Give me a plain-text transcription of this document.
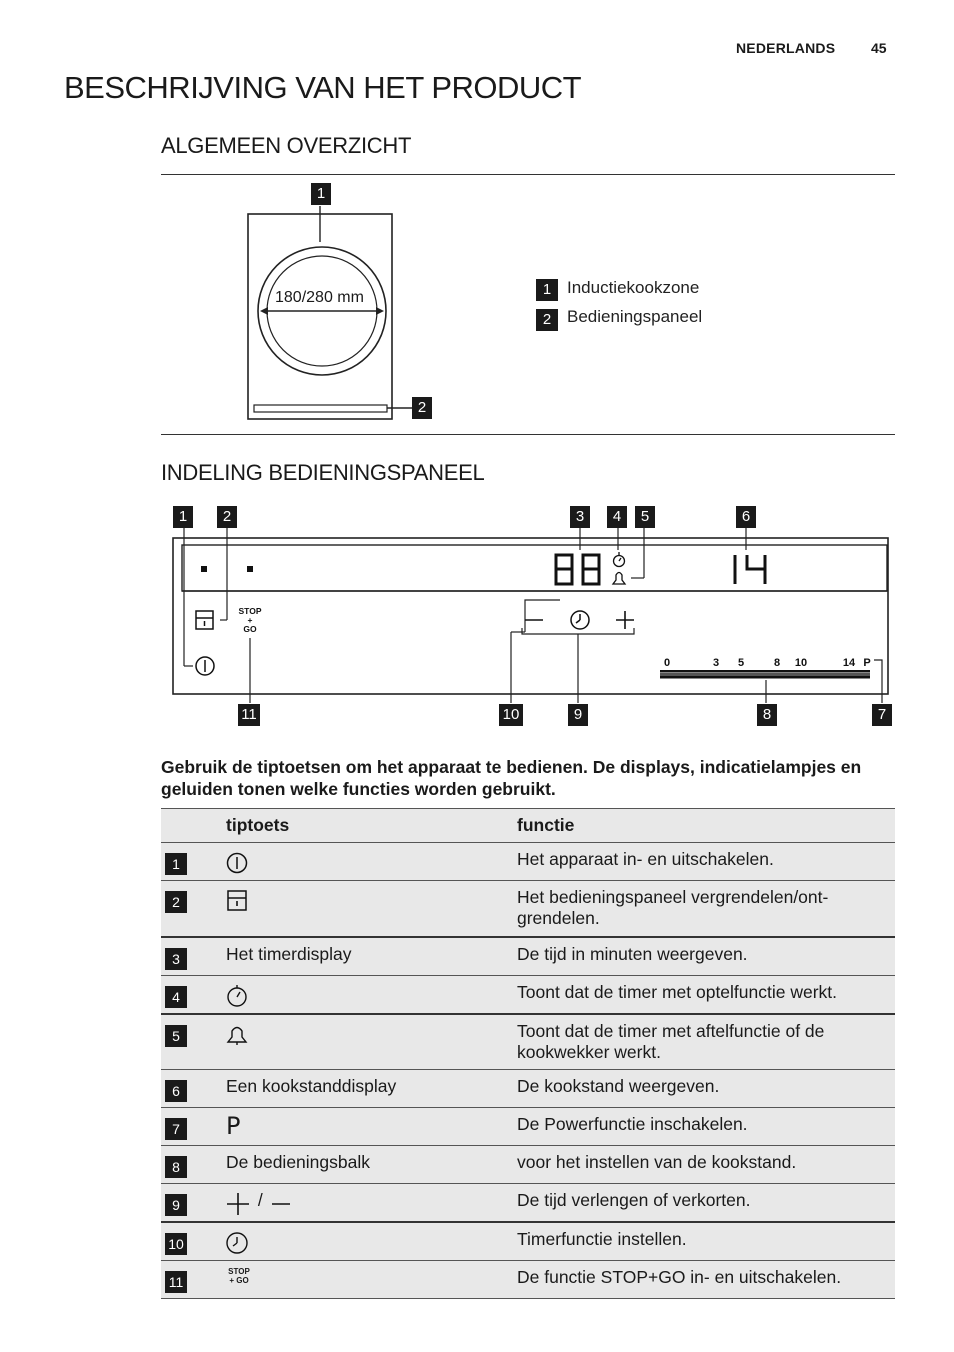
NEDERLANDS	45
BESCHRIJVING VAN HET PRODUCT
ALGEMEEN OVERZICHT
180/280 mm
1
2
1 Inductiekookzone
2 Bedieningspaneel
INDELING BEDIENINGSPANEEL
1	2	3	4	5	6
STOP
+
GO
0	3 5	8 10	14 P
11	10	9	8	7

Gebruik de tiptoetsen om het apparaat te bedienen. De displays, indicatielampjes en geluiden tonen welke functies worden gebruikt.

	tiptoets	functie
1		Het apparaat in- en uitschakelen.
2		Het bedieningspaneel vergrendelen/ont-grendelen.
3	Het timerdisplay	De tijd in minuten weergeven.
4		Toont dat de timer met optelfunctie werkt.
5		Toont dat de timer met aftelfunctie of de kookwekker werkt.
6	Een kookstanddisplay	De kookstand weergeven.
7	P	De Powerfunctie inschakelen.
8	De bedieningsbalk	voor het instellen van de kookstand.
9	/	De tijd verlengen of verkorten.
10		Timerfunctie instellen.
11	STOP + GO	De functie STOP+GO in- en uitschakelen.
